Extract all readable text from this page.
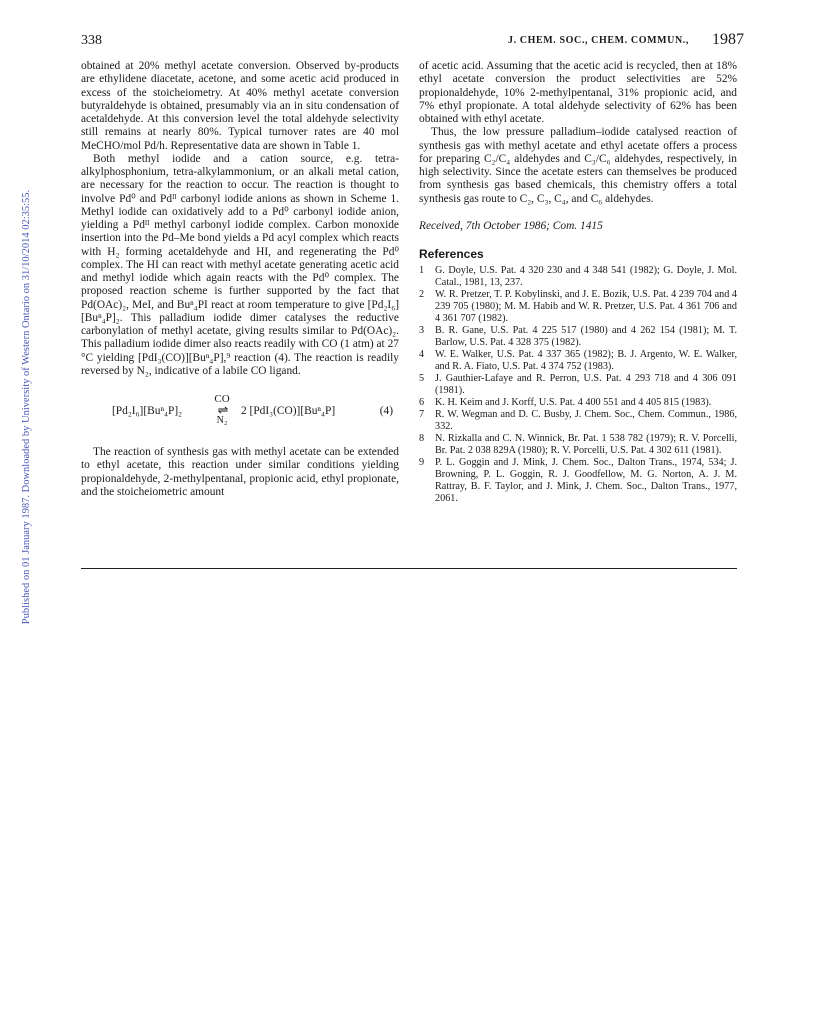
338	J. CHEM. SOC., CHEM. COMMUN., 1987
Published on 01 January 1987. Downloaded by University of Western Ontario on 31/10/2014 02:35:55.

obtained at 20% methyl acetate conversion. Observed by-products are ethylidene diacetate, acetone, and some acetic acid produced in excess of the stoicheiometry. At 40% methyl acetate conversion butyraldehyde is obtained, presumably via an in situ condensation of acetaldehyde. At this conversion level the total aldehyde selectivity still remains at nearly 80%. Typical turnover rates are 40 mol MeCHO/mol Pd/h. Representative data are shown in Table 1.

Both methyl iodide and a cation source, e.g. tetra-alkylphosphonium, tetra-alkylammonium, or an alkali metal cation, are necessary for the reaction to occur. The reaction is thought to involve Pd⁰ and Pdᴵᴵ carbonyl iodide anions as shown in Scheme 1. Methyl iodide can oxidatively add to a Pd⁰ carbonyl iodide anion, yielding a Pdᴵᴵ methyl carbonyl iodide complex. Carbon monoxide insertion into the Pd–Me bond yields a Pd acyl complex which reacts with H₂ forming acetaldehyde and HI, and regenerating the Pd⁰ complex. The HI can react with methyl acetate generating acetic acid and methyl iodide which again reacts with the Pd⁰ complex. The proposed reaction scheme is further supported by the fact that Pd(OAc)₂, MeI, and Buⁿ₄PI react at room temperature to give [Pd₂I₆][Buⁿ₄P]₂. This palladium iodide dimer catalyses the reductive carbonylation of methyl acetate, giving results similar to Pd(OAc)₂. This palladium iodide dimer also reacts readily with CO (1 atm) at 27 °C yielding [PdI₃(CO)][Buⁿ₄P],⁹ reaction (4). The reaction is readily reversed by N₂, indicative of a labile CO ligand.

[Pd₂I₆][Buⁿ₄P]₂
CO
⇌
N₂
2 [PdI₃(CO)][Buⁿ₄P]	(4)

The reaction of synthesis gas with methyl acetate can be extended to ethyl acetate, this reaction under similar conditions yielding propionaldehyde, 2-methylpentanal, propionic acid, ethyl propionate, and the stoicheiometric amount

of acetic acid. Assuming that the acetic acid is recycled, then at 18% ethyl acetate conversion the product selectivities are 52% propionaldehyde, 10% 2-methylpentanal, 31% propionic acid, and 7% ethyl propionate. A total aldehyde selectivity of 62% has been obtained with ethyl acetate.

Thus, the low pressure palladium–iodide catalysed reaction of synthesis gas with methyl acetate and ethyl acetate offers a process for preparing C₂/C₄ aldehydes and C₃/C₆ aldehydes, respectively, in high selectivity. Since the acetate esters can themselves be produced from synthesis gas based chemicals, this chemistry offers a total synthesis gas route to C₂, C₃, C₄, and C₆ aldehydes.

Received, 7th October 1986; Com. 1415

References
1 G. Doyle, U.S. Pat. 4 320 230 and 4 348 541 (1982); G. Doyle, J. Mol. Catal., 1981, 13, 237.
2 W. R. Pretzer, T. P. Kobylinski, and J. E. Bozik, U.S. Pat. 4 239 704 and 4 239 705 (1980); M. M. Habib and W. R. Pretzer, U.S. Pat. 4 361 706 and 4 361 707 (1982).
3 B. R. Gane, U.S. Pat. 4 225 517 (1980) and 4 262 154 (1981); M. T. Barlow, U.S. Pat. 4 328 375 (1982).
4 W. E. Walker, U.S. Pat. 4 337 365 (1982); B. J. Argento, W. E. Walker, and R. A. Fiato, U.S. Pat. 4 374 752 (1983).
5 J. Gauthier-Lafaye and R. Perron, U.S. Pat. 4 293 718 and 4 306 091 (1981).
6 K. H. Keim and J. Korff, U.S. Pat. 4 400 551 and 4 405 815 (1983).
7 R. W. Wegman and D. C. Busby, J. Chem. Soc., Chem. Commun., 1986, 332.
8 N. Rizkalla and C. N. Winnick, Br. Pat. 1 538 782 (1979); R. V. Porcelli, Br. Pat. 2 038 829A (1980); R. V. Porcelli, U.S. Pat. 4 302 611 (1981).
9 P. L. Goggin and J. Mink, J. Chem. Soc., Dalton Trans., 1974, 534; J. Browning, P. L. Goggin, R. J. Goodfellow, M. G. Norton, A. J. M. Rattray, B. F. Taylor, and J. Mink, J. Chem. Soc., Dalton Trans., 1977, 2061.
